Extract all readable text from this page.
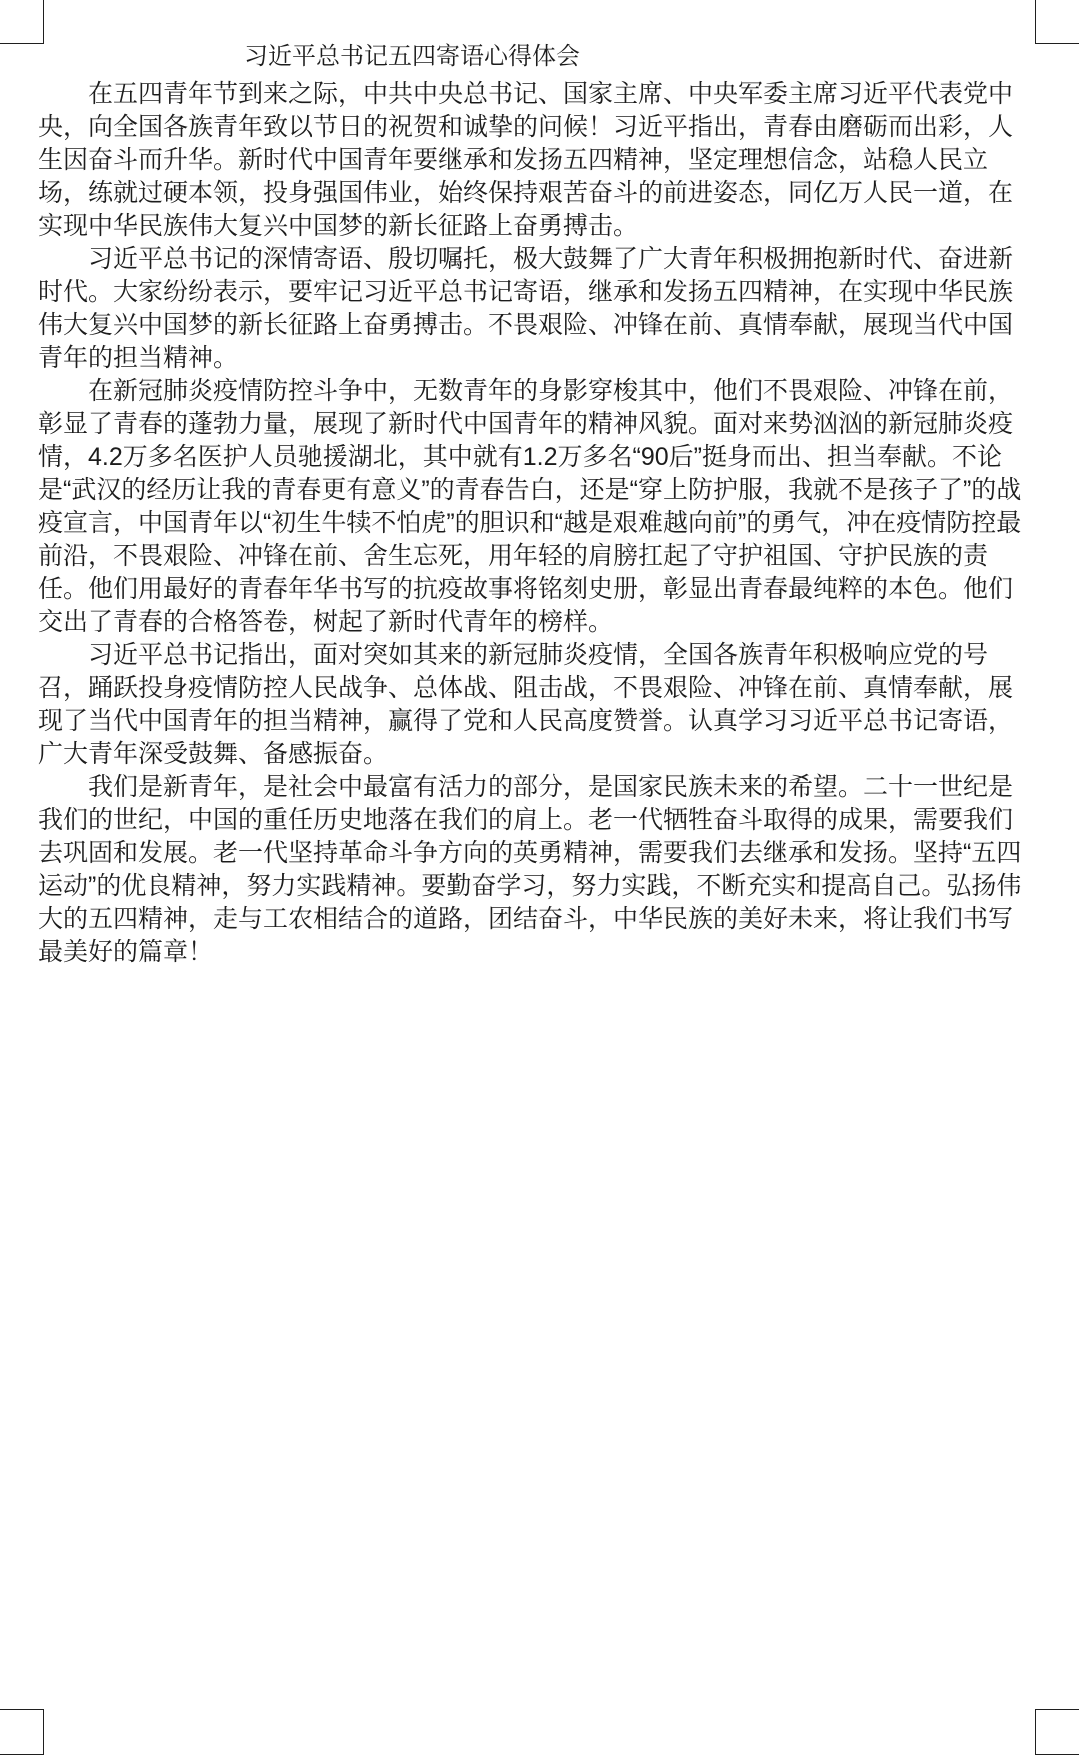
习近平总书记五四寄语心得体会

在五四青年节到来之际，中共中央总书记、国家主席、中央军委主席习近平代表党中央，向全国各族青年致以节日的祝贺和诚挚的问候！习近平指出，青春由磨砺而出彩，人生因奋斗而升华。新时代中国青年要继承和发扬五四精神，坚定理想信念，站稳人民立场，练就过硬本领，投身强国伟业，始终保持艰苦奋斗的前进姿态，同亿万人民一道，在实现中华民族伟大复兴中国梦的新长征路上奋勇搏击。

习近平总书记的深情寄语、殷切嘱托，极大鼓舞了广大青年积极拥抱新时代、奋进新时代。大家纷纷表示，要牢记习近平总书记寄语，继承和发扬五四精神，在实现中华民族伟大复兴中国梦的新长征路上奋勇搏击。不畏艰险、冲锋在前、真情奉献，展现当代中国青年的担当精神。

在新冠肺炎疫情防控斗争中，无数青年的身影穿梭其中，他们不畏艰险、冲锋在前，彰显了青春的蓬勃力量，展现了新时代中国青年的精神风貌。面对来势汹汹的新冠肺炎疫情，4.2万多名医护人员驰援湖北，其中就有1.2万多名“90后”挺身而出、担当奉献。不论是“武汉的经历让我的青春更有意义”的青春告白，还是“穿上防护服，我就不是孩子了”的战疫宣言，中国青年以“初生牛犊不怕虎”的胆识和“越是艰难越向前”的勇气，冲在疫情防控最前沿，不畏艰险、冲锋在前、舍生忘死，用年轻的肩膀扛起了守护祖国、守护民族的责任。他们用最好的青春年华书写的抗疫故事将铭刻史册，彰显出青春最纯粹的本色。他们交出了青春的合格答卷，树起了新时代青年的榜样。

习近平总书记指出，面对突如其来的新冠肺炎疫情，全国各族青年积极响应党的号召，踊跃投身疫情防控人民战争、总体战、阻击战，不畏艰险、冲锋在前、真情奉献，展现了当代中国青年的担当精神，赢得了党和人民高度赞誉。认真学习习近平总书记寄语，广大青年深受鼓舞、备感振奋。

我们是新青年，是社会中最富有活力的部分，是国家民族未来的希望。二十一世纪是我们的世纪，中国的重任历史地落在我们的肩上。老一代牺牲奋斗取得的成果，需要我们去巩固和发展。老一代坚持革命斗争方向的英勇精神，需要我们去继承和发扬。坚持“五四运动”的优良精神，努力实践精神。要勤奋学习，努力实践，不断充实和提高自己。弘扬伟大的五四精神，走与工农相结合的道路，团结奋斗，中华民族的美好未来，将让我们书写最美好的篇章！
